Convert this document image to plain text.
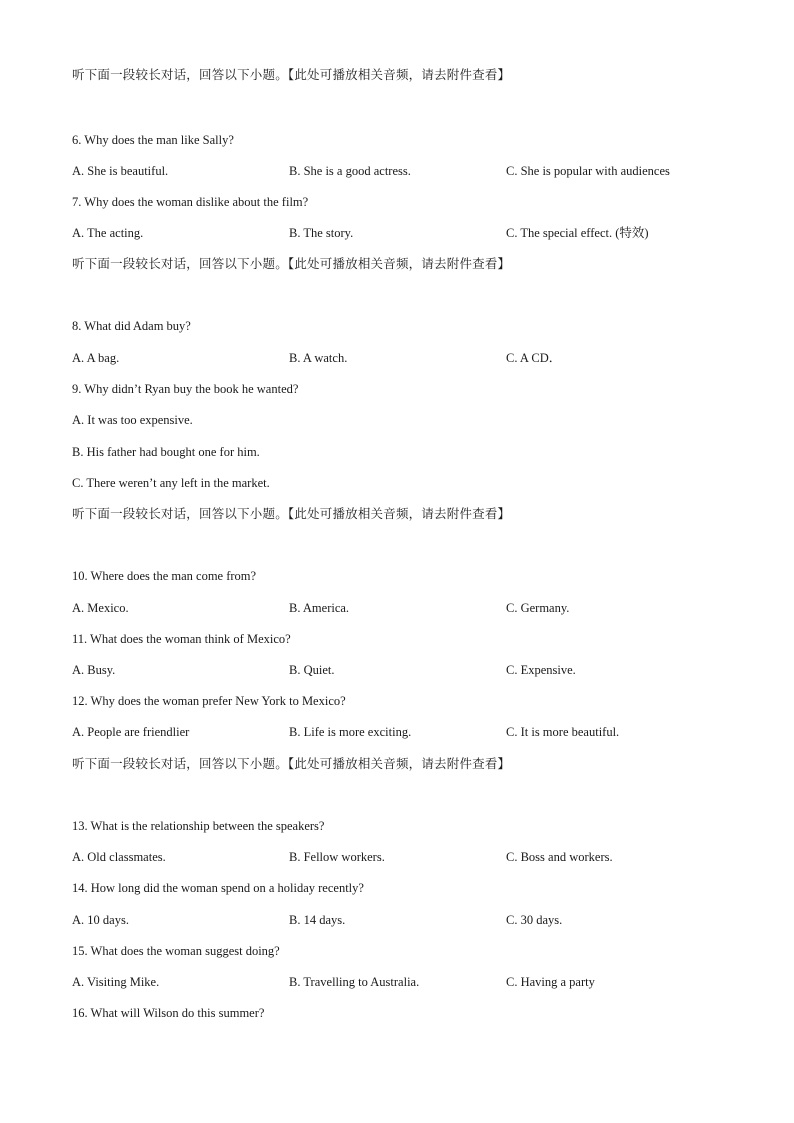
听下面一段较长对话，回答以下小题。【此处可播放相关音频，请去附件查看】
6. Why does the man like Sally?
A. She is beautiful.	B. She is a good actress.	C. She is popular with audiences
7. Why does the woman dislike about the film?
A. The acting.	B. The story.	C. The special effect. (特效)
听下面一段较长对话，回答以下小题。【此处可播放相关音频，请去附件查看】
8. What did Adam buy?
A. A bag.	B. A watch.	C. A CD．
9. Why didn’t Ryan buy the book he wanted?
A. It was too expensive.
B. His father had bought one for him.
C. There weren’t any left in the market.
听下面一段较长对话，回答以下小题。【此处可播放相关音频，请去附件查看】
10. Where does the man come from?
A. Mexico.	B. America.	C. Germany.
11. What does the woman think of Mexico?
A. Busy.	B. Quiet.	C. Expensive.
12. Why does the woman prefer New York to Mexico?
A. People are friendlier	B. Life is more exciting.	C. It is more beautiful.
听下面一段较长对话，回答以下小题。【此处可播放相关音频，请去附件查看】
13. What is the relationship between the speakers?
A. Old classmates.	B. Fellow workers.	C. Boss and workers.
14. How long did the woman spend on a holiday recently?
A. 10 days.	B. 14 days.	C. 30 days.
15. What does the woman suggest doing?
A. Visiting Mike.	B. Travelling to Australia.	C. Having a party
16. What will Wilson do this summer?
